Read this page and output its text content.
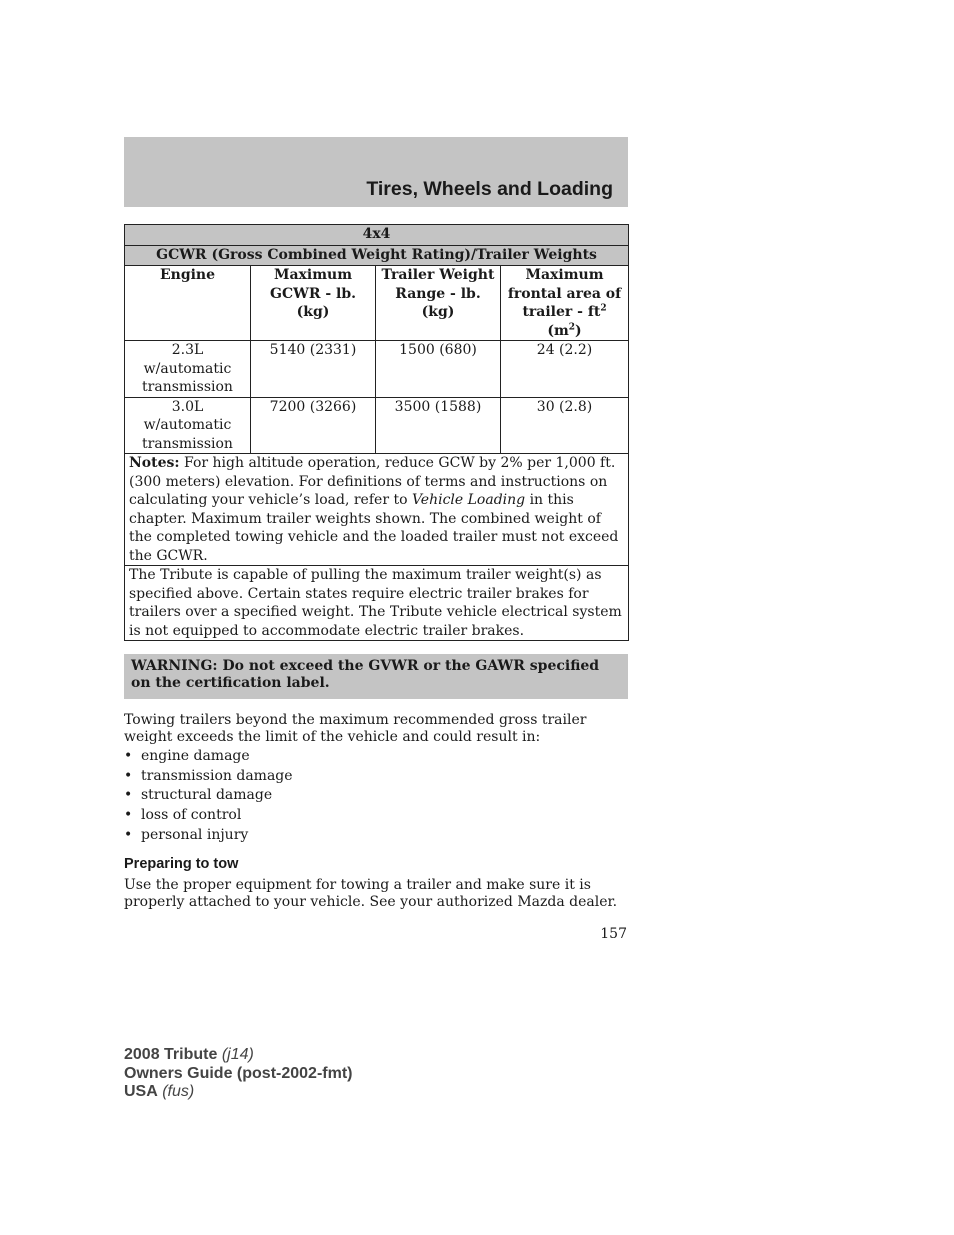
Tires, Wheels and Loading
4x4			
GCWR (Gross Combined Weight Rating)/Trailer Weights			
Engine	Maximum GCWR - lb. (kg)	Trailer Weight Range - lb. (kg)	Maximum frontal area of trailer - $ft^2$
$(m^2)$
2.3L w/automatic transmission	5140 (2331)	1500 (680)	24 (2.2)
3.0L w/automatic transmission	7200 (3266)	3500 (1588)	30 (2.8)
Notes: For high altitude operation, reduce GCW by 2% per 1,000 ft. (300 meters) elevation. For definitions of terms and instructions on calculating your vehicle’s load, refer to Vehicle Loading in this chapter. Maximum trailer weights shown. The combined weight of the completed towing vehicle and the loaded trailer must not exceed the GCWR.			
The Tribute is capable of pulling the maximum trailer weight(s) as specified above. Certain states require electric trailer brakes for trailers over a specified weight. The Tribute vehicle electrical system is not equipped to accommodate electric trailer brakes.			
WARNING: Do not exceed the GVWR or the GAWR specified on the certification label.

Towing trailers beyond the maximum recommended gross trailer weight exceeds the limit of the vehicle and could result in:

• engine damage
• transmission damage
• structural damage
• loss of control
• personal injury
Preparing to tow

Use the proper equipment for towing a trailer and make sure it is properly attached to your vehicle. See your authorized Mazda dealer.

157
2008 Tribute (j14)
Owners Guide (post-2002-fmt)
USA (fus)
